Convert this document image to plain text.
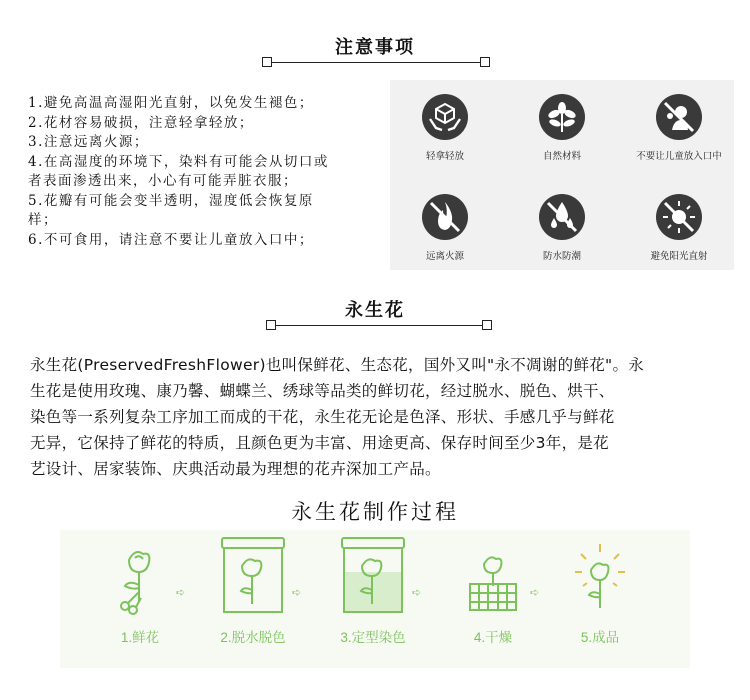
注意事项
1.避免高温高湿阳光直射，以免发生褪色；
2.花材容易破损，注意轻拿轻放；
3.注意远离火源；
4.在高湿度的环境下，染料有可能会从切口或
者表面渗透出来，小心有可能弄脏衣服；
5.花瓣有可能会变半透明，湿度低会恢复原
样；
6.不可食用，请注意不要让儿童放入口中；
轻拿轻放	自然材料	不要让儿童放入口中
远离火源	防水防潮	避免阳光直射
永生花
永生花(PreservedFreshFlower)也叫保鲜花、生态花，国外又叫"永不凋谢的鲜花"。永
生花是使用玫瑰、康乃馨、蝴蝶兰、绣球等品类的鲜切花，经过脱水、脱色、烘干、
染色等一系列复杂工序加工而成的干花，永生花无论是色泽、形状、手感几乎与鲜花
无异，它保持了鲜花的特质，且颜色更为丰富、用途更高、保存时间至少3年，是花
艺设计、居家装饰、庆典活动最为理想的花卉深加工产品。
永生花制作过程
1.鲜花
➪
2.脱水脱色
➪
3.定型染色
➪
4.干燥
➪
5.成品
